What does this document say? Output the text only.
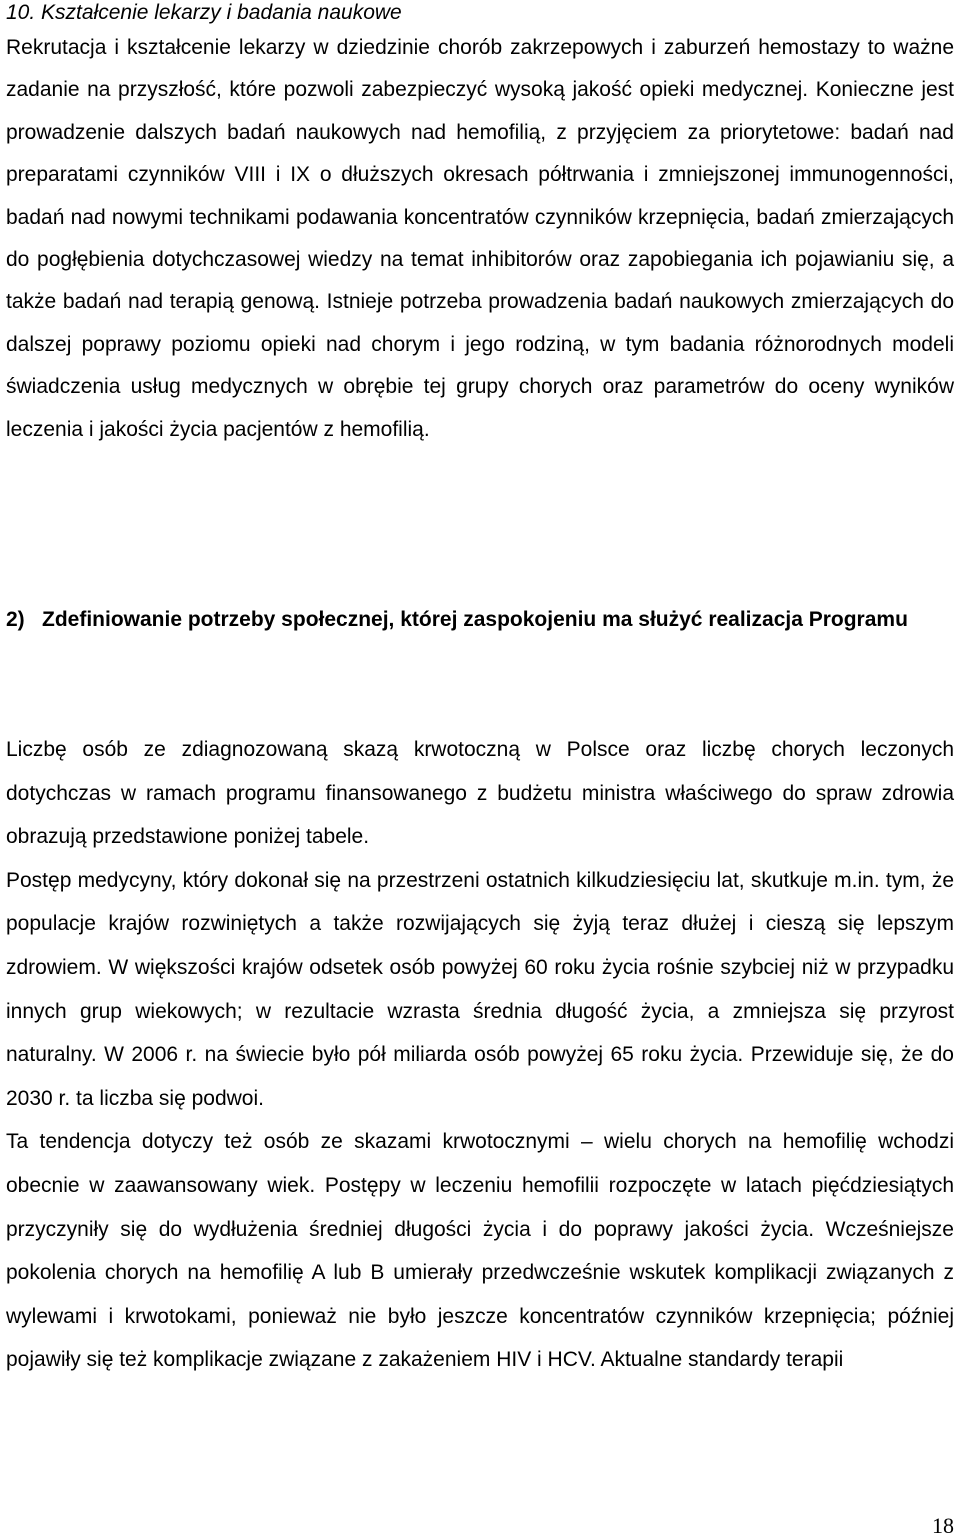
10. Kształcenie lekarzy i badania naukowe

Rekrutacja i kształcenie lekarzy w dziedzinie chorób zakrzepowych i zaburzeń hemostazy to ważne zadanie na przyszłość, które pozwoli zabezpieczyć wysoką jakość opieki medycznej. Konieczne jest prowadzenie dalszych badań naukowych nad hemofilią, z przyjęciem za priorytetowe: badań nad preparatami czynników VIII i IX o dłuższych okresach półtrwania i zmniejszonej immunogenności, badań nad nowymi technikami podawania koncentratów czynników krzepnięcia, badań zmierzających do pogłębienia dotychczasowej wiedzy na temat inhibitorów oraz zapobiegania ich pojawianiu się, a także badań nad terapią genową. Istnieje potrzeba prowadzenia badań naukowych zmierzających do dalszej poprawy poziomu opieki nad chorym i jego rodziną, w tym badania różnorodnych modeli świadczenia usług medycznych w obrębie tej grupy chorych oraz parametrów do oceny wyników leczenia i jakości życia pacjentów z hemofilią.

2) Zdefiniowanie potrzeby społecznej, której zaspokojeniu ma służyć realizacja Programu

Liczbę osób ze zdiagnozowaną skazą krwotoczną w Polsce oraz liczbę chorych leczonych dotychczas w ramach programu finansowanego z budżetu ministra właściwego do spraw zdrowia obrazują przedstawione poniżej tabele.

Postęp medycyny, który dokonał się na przestrzeni ostatnich kilkudziesięciu lat, skutkuje m.in. tym, że populacje krajów rozwiniętych a także rozwijających się żyją teraz dłużej i cieszą się lepszym zdrowiem. W większości krajów odsetek osób powyżej 60 roku życia rośnie szybciej niż w przypadku innych grup wiekowych; w rezultacie wzrasta średnia długość życia, a zmniejsza się przyrost naturalny. W 2006 r. na świecie było pół miliarda osób powyżej 65 roku życia. Przewiduje się, że do 2030 r. ta liczba się podwoi.

Ta tendencja dotyczy też osób ze skazami krwotocznymi – wielu chorych na hemofilię wchodzi obecnie w zaawansowany wiek. Postępy w leczeniu hemofilii rozpoczęte w latach pięćdziesiątych przyczyniły się do wydłużenia średniej długości życia i do poprawy jakości życia. Wcześniejsze pokolenia chorych na hemofilię A lub B umierały przedwcześnie wskutek komplikacji związanych z wylewami i krwotokami, ponieważ nie było jeszcze koncentratów czynników krzepnięcia; później pojawiły się też komplikacje związane z zakażeniem HIV i HCV. Aktualne standardy terapii

18
